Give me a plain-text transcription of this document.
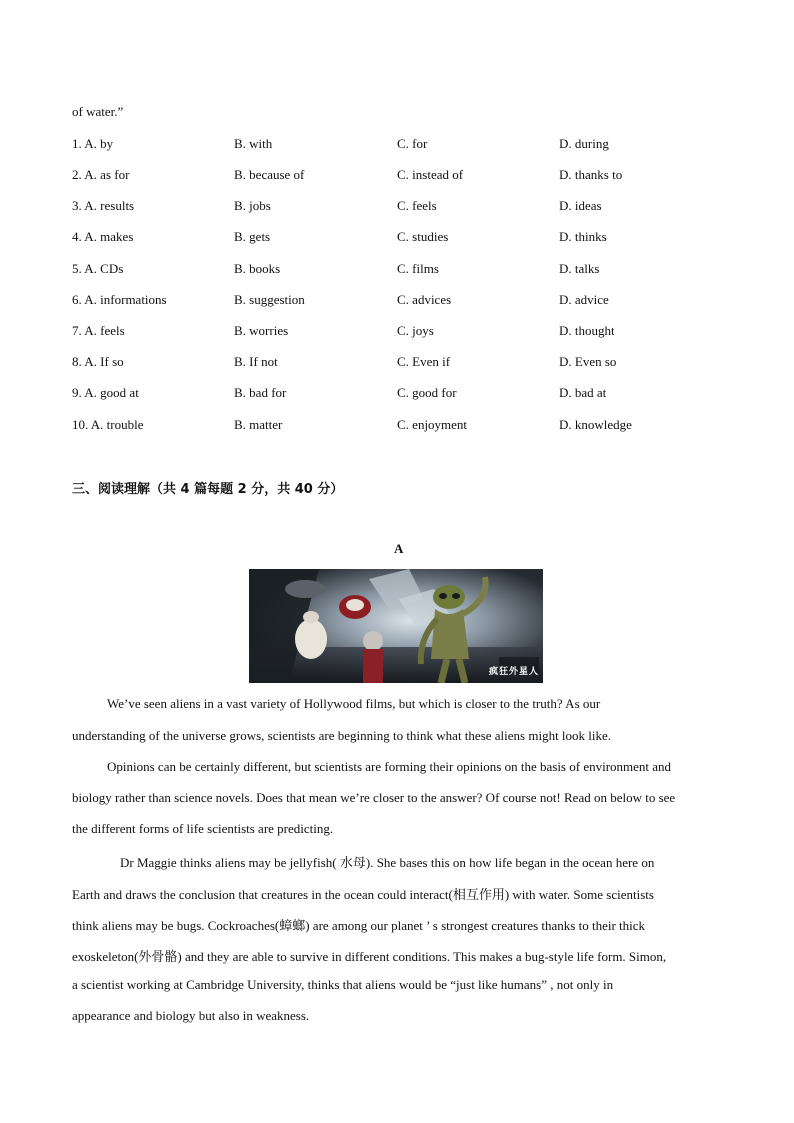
of water.”
1. A. by	B. with	C. for	D. during
2. A. as for	B. because of	C. instead of	D. thanks to
3. A. results	B. jobs	C. feels	D. ideas
4. A. makes	B. gets	C. studies	D. thinks
5. A. CDs	B. books	C. films	D. talks
6. A. informations	B. suggestion	C. advices	D. advice
7. A. feels	B. worries	C. joys	D. thought
8. A. If so	B. If not	C. Even if	D. Even so
9. A. good at	B. bad for	C. good for	D. bad at
10. A. trouble	B. matter	C. enjoyment	D. knowledge
三、阅读理解（共 4 篇每题 2 分，共 40 分）
A
疯狂外星人
We’ve seen aliens in a vast variety of Hollywood films, but which is closer to the truth? As our
understanding of the universe grows, scientists are beginning to think what these aliens might look like.
Opinions can be certainly different, but scientists are forming their opinions on the basis of environment and
biology rather than science novels. Does that mean we’re closer to the answer? Of course not! Read on below to see
the different forms of life scientists are predicting.
Dr Maggie thinks aliens may be jellyfish( 水母). She bases this on how life began in the ocean here on
Earth and draws the conclusion that creatures in the ocean could interact(相互作用) with water. Some scientists
think aliens may be bugs. Cockroaches(蟑螂) are among our planet ’ s strongest creatures thanks to their thick
exoskeleton(外骨骼) and they are able to survive in different conditions. This makes a bug-style life form. Simon,
a scientist working at Cambridge University, thinks that aliens would be “just like humans” , not only in
appearance and biology but also in weakness.
